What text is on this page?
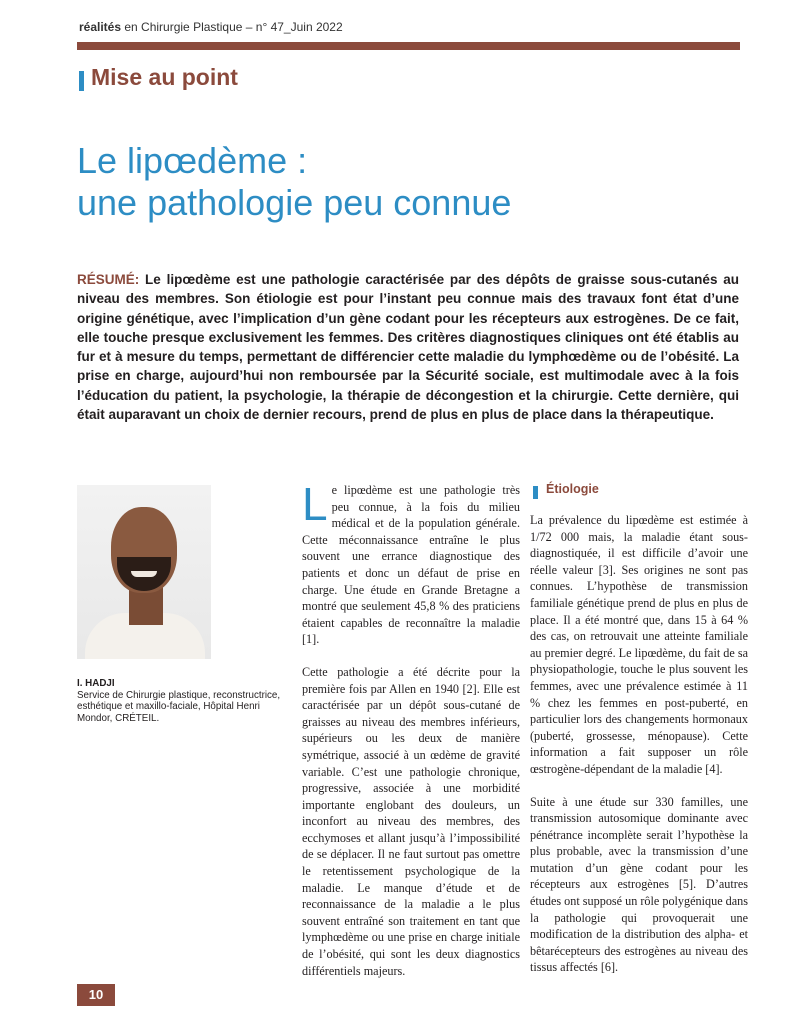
réalités en Chirurgie Plastique – n° 47_Juin 2022
Mise au point
Le lipœdème :
une pathologie peu connue
RÉSUMÉ: Le lipœdème est une pathologie caractérisée par des dépôts de graisse sous-cutanés au niveau des membres. Son étiologie est pour l’instant peu connue mais des travaux font état d’une origine génétique, avec l’implication d’un gène codant pour les récepteurs aux estrogènes. De ce fait, elle touche presque exclusivement les femmes. Des critères diagnostiques cliniques ont été établis au fur et à mesure du temps, permettant de différencier cette maladie du lymphœdème ou de l’obésité. La prise en charge, aujourd’hui non remboursée par la Sécurité sociale, est multimodale avec à la fois l’éducation du patient, la psychologie, la thérapie de décongestion et la chirurgie. Cette dernière, qui était auparavant un choix de dernier recours, prend de plus en plus de place dans la thérapeutique.
I. HADJI
Service de Chirurgie plastique, reconstructrice, esthétique et maxillo-faciale, Hôpital Henri Mondor, CRÉTEIL.

Le lipœdème est une pathologie très peu connue, à la fois du milieu médical et de la population générale. Cette méconnaissance entraîne le plus souvent une errance diagnostique des patients et donc un défaut de prise en charge. Une étude en Grande Bretagne a montré que seulement 45,8 % des praticiens étaient capables de reconnaître la maladie [1].

Cette pathologie a été décrite pour la première fois par Allen en 1940 [2]. Elle est caractérisée par un dépôt sous-cutané de graisses au niveau des membres inférieurs, supérieurs ou les deux de manière symétrique, associé à un œdème de gravité variable. C’est une pathologie chronique, progressive, associée à une morbidité importante englobant des douleurs, un inconfort au niveau des membres, des ecchymoses et allant jusqu’à l’impossibilité de se déplacer. Il ne faut surtout pas omettre le retentissement psychologique de la maladie. Le manque d’étude et de reconnaissance de la maladie a le plus souvent entraîné son traitement en tant que lymphœdème ou une prise en charge initiale de l’obésité, qui sont les deux diagnostics différentiels majeurs.

Étiologie

La prévalence du lipœdème est estimée à 1/72 000 mais, la maladie étant sous-diagnostiquée, il est difficile d’avoir une réelle valeur [3]. Ses origines ne sont pas connues. L’hypothèse de transmission familiale génétique prend de plus en plus de place. Il a été montré que, dans 15 à 64 % des cas, on retrouvait une atteinte familiale au premier degré. Le lipœdème, du fait de sa physiopathologie, touche le plus souvent les femmes, avec une prévalence estimée à 11 % chez les femmes en post-puberté, en particulier lors des changements hormonaux (puberté, grossesse, ménopause). Cette information a fait supposer un rôle œstrogène-dépendant de la maladie [4].

Suite à une étude sur 330 familles, une transmission autosomique dominante avec pénétrance incomplète serait l’hypothèse la plus probable, avec la transmission d’une mutation d’un gène codant pour les récepteurs aux estrogènes [5]. D’autres études ont supposé un rôle polygénique dans la pathologie qui provoquerait une modification de la distribution des alpha- et bêtarécepteurs des estrogènes au niveau des tissus affectés [6].

10
